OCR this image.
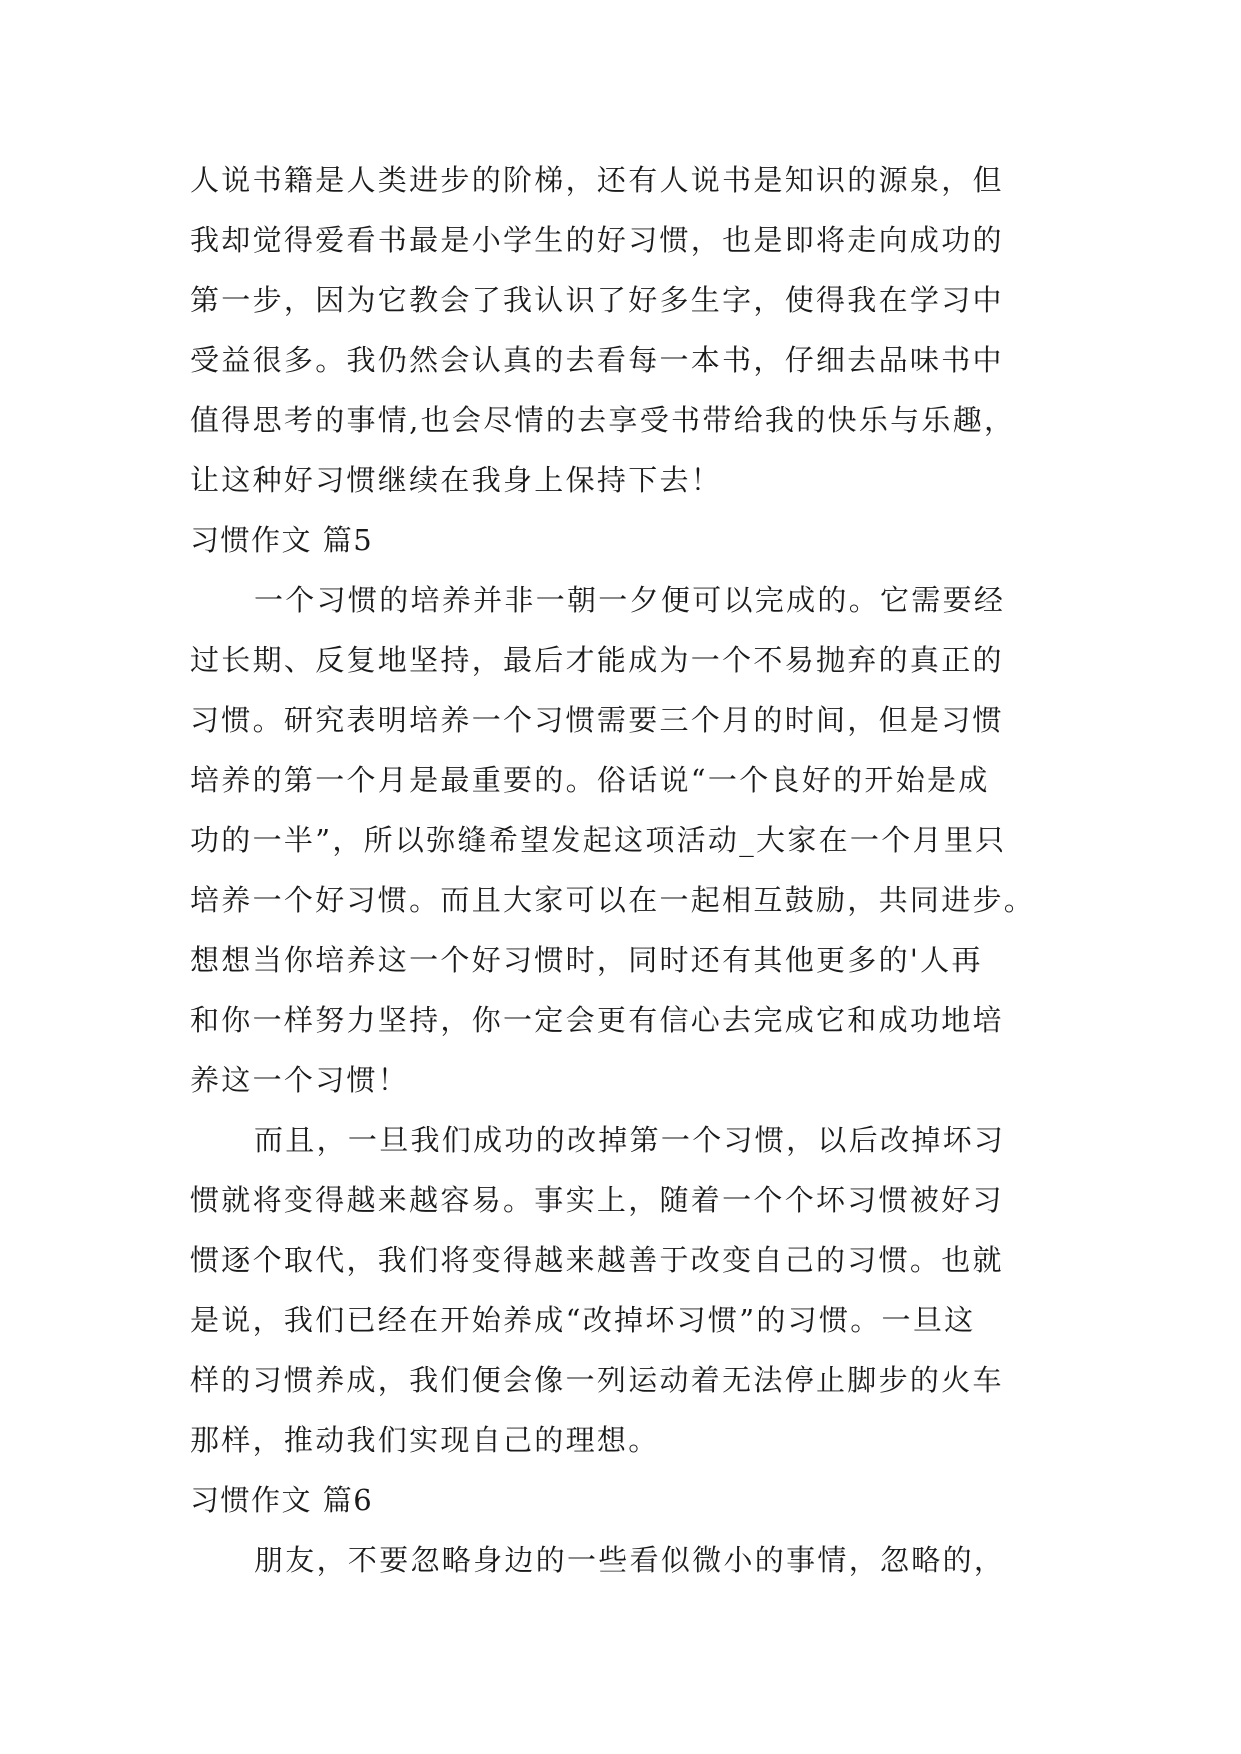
人说书籍是人类进步的阶梯，还有人说书是知识的源泉，但
我却觉得爱看书最是小学生的好习惯，也是即将走向成功的
第一步，因为它教会了我认识了好多生字，使得我在学习中
受益很多。我仍然会认真的去看每一本书，仔细去品味书中
值得思考的事情,也会尽情的去享受书带给我的快乐与乐趣，
让这种好习惯继续在我身上保持下去！
习惯作文 篇5
一个习惯的培养并非一朝一夕便可以完成的。它需要经
过长期、反复地坚持，最后才能成为一个不易抛弃的真正的
习惯。研究表明培养一个习惯需要三个月的时间，但是习惯
培养的第一个月是最重要的。俗话说“一个良好的开始是成
功的一半”，所以弥缝希望发起这项活动_大家在一个月里只
培养一个好习惯。而且大家可以在一起相互鼓励，共同进步。
想想当你培养这一个好习惯时，同时还有其他更多的'人再
和你一样努力坚持，你一定会更有信心去完成它和成功地培
养这一个习惯！
而且，一旦我们成功的改掉第一个习惯，以后改掉坏习
惯就将变得越来越容易。事实上，随着一个个坏习惯被好习
惯逐个取代，我们将变得越来越善于改变自己的习惯。也就
是说，我们已经在开始养成“改掉坏习惯”的习惯。一旦这
样的习惯养成，我们便会像一列运动着无法停止脚步的火车
那样，推动我们实现自己的理想。
习惯作文 篇6
朋友，不要忽略身边的一些看似微小的事情，忽略的，
